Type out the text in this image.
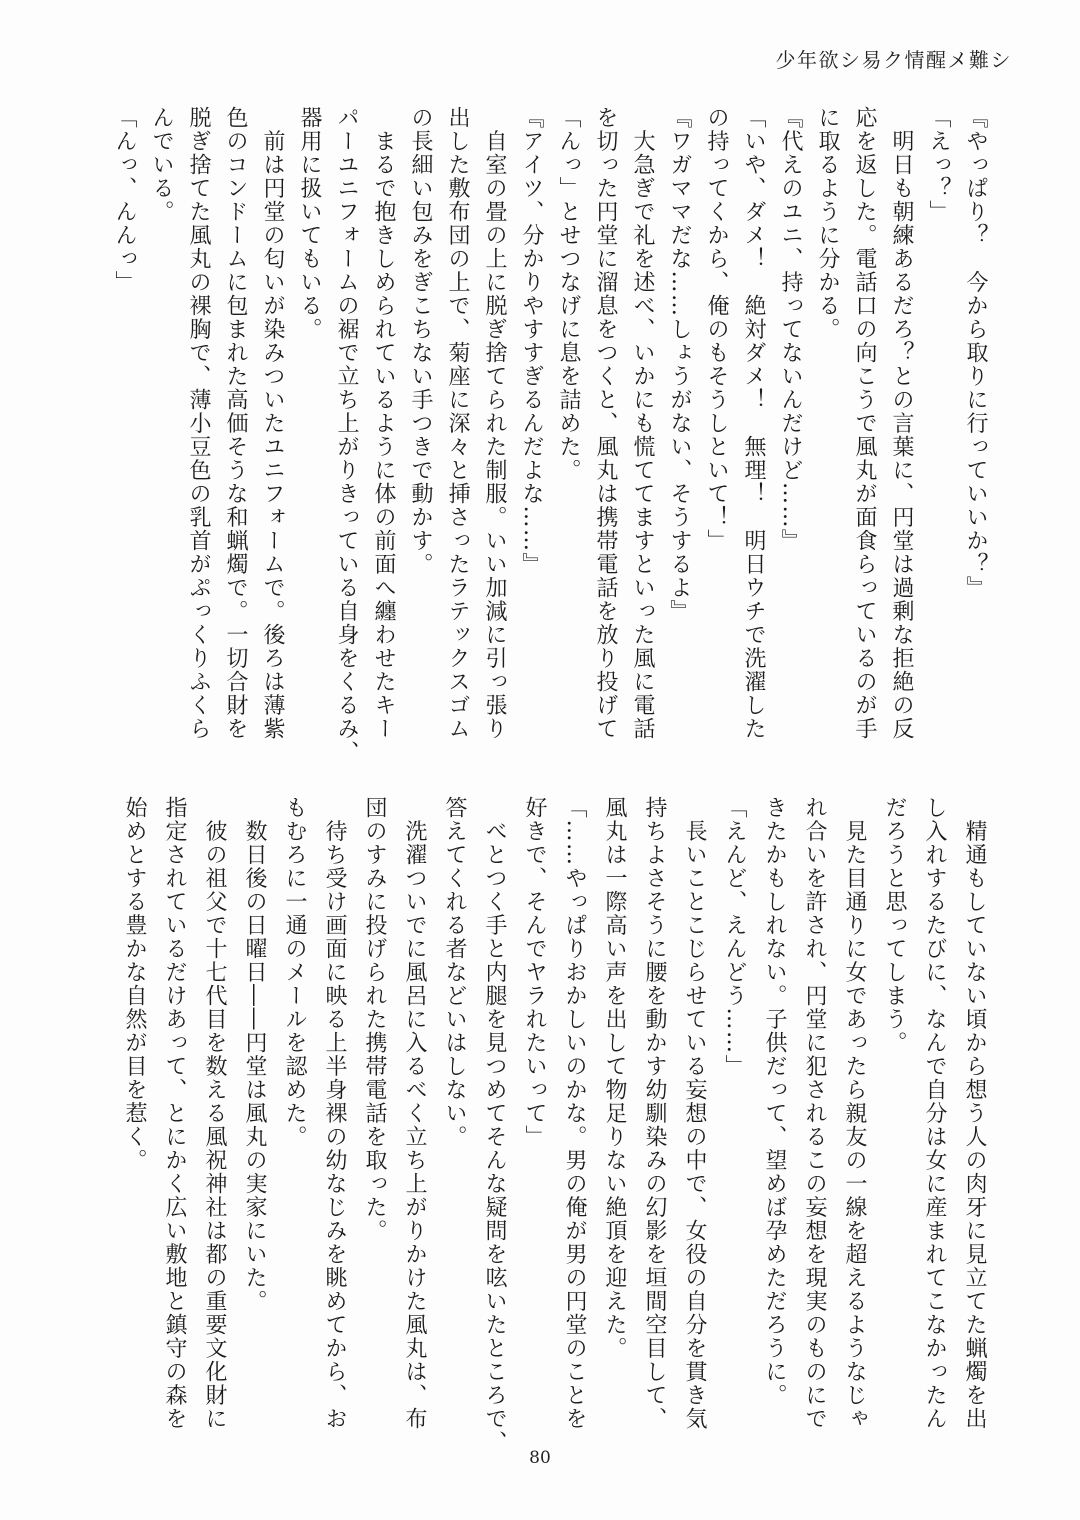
少年欲シ易ク情醒メ難シ
『やっぱり？　今から取りに行っていいか？』
「えっ？」
　明日も朝練あるだろ？との言葉に、円堂は過剰な拒絶の反
応を返した。電話口の向こうで風丸が面食らっているのが手
に取るように分かる。
『代えのユニ、持ってないんだけど……』
「いや、ダメ！　絶対ダメ！　無理！　明日ウチで洗濯した
の持ってくから、俺のもそうしといて！」
『ワガママだな……しょうがない、そうするよ』
　大急ぎで礼を述べ、いかにも慌ててますといった風に電話
を切った円堂に溜息をつくと、風丸は携帯電話を放り投げて
「んっ」とせつなげに息を詰めた。
『アイツ、分かりやすすぎるんだよな……』
　自室の畳の上に脱ぎ捨てられた制服。いい加減に引っ張り
出した敷布団の上で、菊座に深々と挿さったラテックスゴム
の長細い包みをぎこちない手つきで動かす。
　まるで抱きしめられているように体の前面へ纏わせたキー
パーユニフォームの裾で立ち上がりきっている自身をくるみ、
器用に扱いてもいる。
　前は円堂の匂いが染みついたユニフォームで。後ろは薄紫
色のコンドームに包まれた高価そうな和蝋燭で。一切合財を
脱ぎ捨てた風丸の裸胸で、薄小豆色の乳首がぷっくりふくら
んでいる。
「んっ、んんっ」
　精通もしていない頃から想う人の肉牙に見立てた蝋燭を出
し入れするたびに、なんで自分は女に産まれてこなかったん
だろうと思ってしまう。
　見た目通りに女であったら親友の一線を超えるようなじゃ
れ合いを許され、円堂に犯されるこの妄想を現実のものにで
きたかもしれない。子供だって、望めば孕めただろうに。
「えんど、えんどう……」
　長いことこじらせている妄想の中で、女役の自分を貫き気
持ちよさそうに腰を動かす幼馴染みの幻影を垣間空目して、
風丸は一際高い声を出して物足りない絶頂を迎えた。
「……やっぱりおかしいのかな。男の俺が男の円堂のことを
好きで、そんでヤラれたいって」
　べとつく手と内腿を見つめてそんな疑問を呟いたところで、
答えてくれる者などいはしない。
　洗濯ついでに風呂に入るべく立ち上がりかけた風丸は、布
団のすみに投げられた携帯電話を取った。
　待ち受け画面に映る上半身裸の幼なじみを眺めてから、お
もむろに一通のメールを認めた。
　数日後の日曜日――円堂は風丸の実家にいた。
　彼の祖父で十七代目を数える風祝神社は都の重要文化財に
指定されているだけあって、とにかく広い敷地と鎮守の森を
始めとする豊かな自然が目を惹く。
80
